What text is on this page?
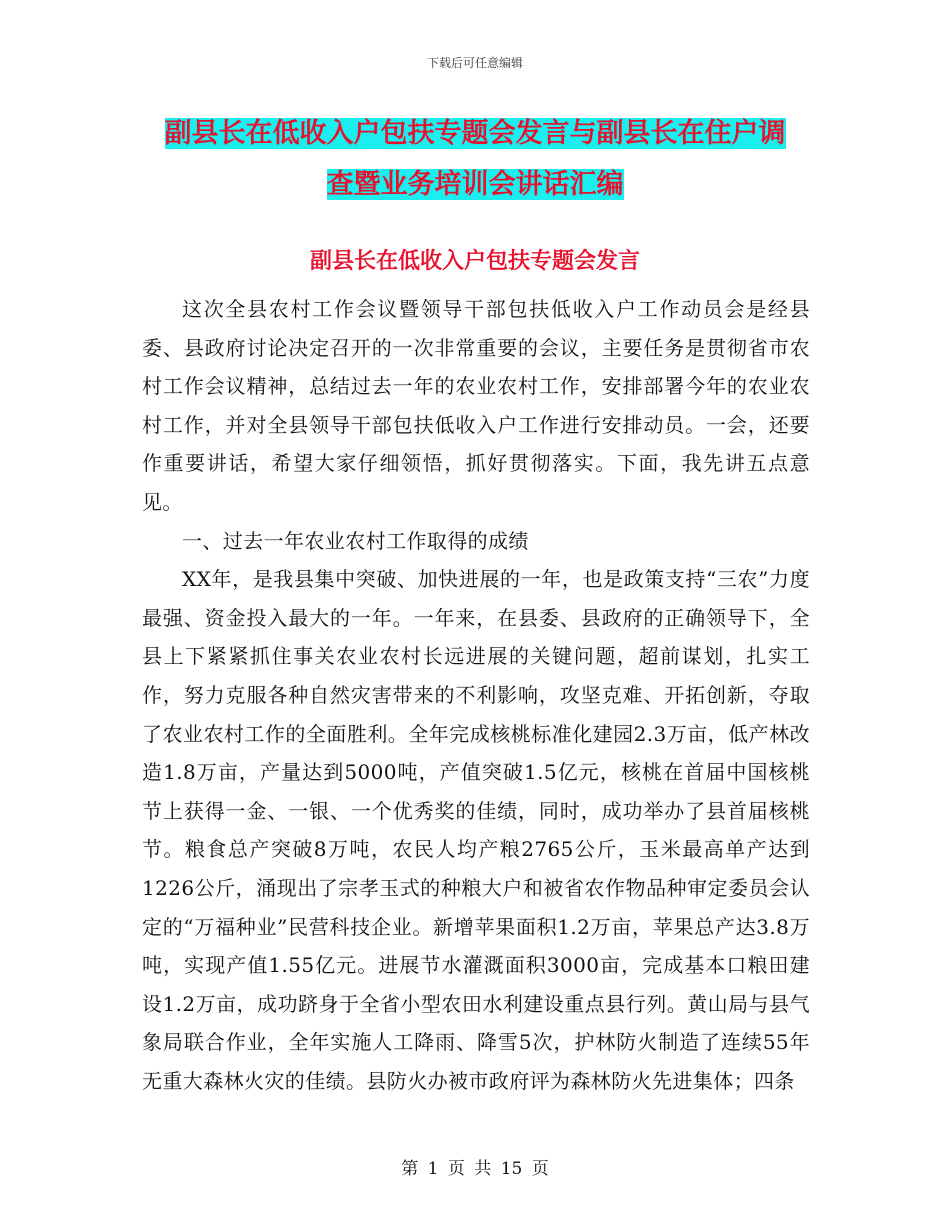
下载后可任意编辑
副县长在低收入户包扶专题会发言与副县长在住户调
查暨业务培训会讲话汇编
副县长在低收入户包扶专题会发言

这次全县农村工作会议暨领导干部包扶低收入户工作动员会是经县委、县政府讨论决定召开的一次非常重要的会议，主要任务是贯彻省市农村工作会议精神，总结过去一年的农业农村工作，安排部署今年的农业农村工作，并对全县领导干部包扶低收入户工作进行安排动员。一会，还要作重要讲话，希望大家仔细领悟，抓好贯彻落实。下面，我先讲五点意见。

一、过去一年农业农村工作取得的成绩

XX年，是我县集中突破、加快进展的一年，也是政策支持“三农”力度最强、资金投入最大的一年。一年来，在县委、县政府的正确领导下，全县上下紧紧抓住事关农业农村长远进展的关键问题，超前谋划，扎实工作，努力克服各种自然灾害带来的不利影响，攻坚克难、开拓创新，夺取了农业农村工作的全面胜利。全年完成核桃标准化建园2.3万亩，低产林改造1.8万亩，产量达到5000吨，产值突破1.5亿元，核桃在首届中国核桃节上获得一金、一银、一个优秀奖的佳绩，同时，成功举办了县首届核桃节。粮食总产突破8万吨，农民人均产粮2765公斤，玉米最高单产达到1226公斤，涌现出了宗孝玉式的种粮大户和被省农作物品种审定委员会认定的“万福种业”民营科技企业。新增苹果面积1.2万亩，苹果总产达3.8万吨，实现产值1.55亿元。进展节水灌溉面积3000亩，完成基本口粮田建设1.2万亩，成功跻身于全省小型农田水利建设重点县行列。黄山局与县气象局联合作业，全年实施人工降雨、降雪5次，护林防火制造了连续55年无重大森林火灾的佳绩。县防火办被市政府评为森林防火先进集体；四条

第 1 页 共 15 页
